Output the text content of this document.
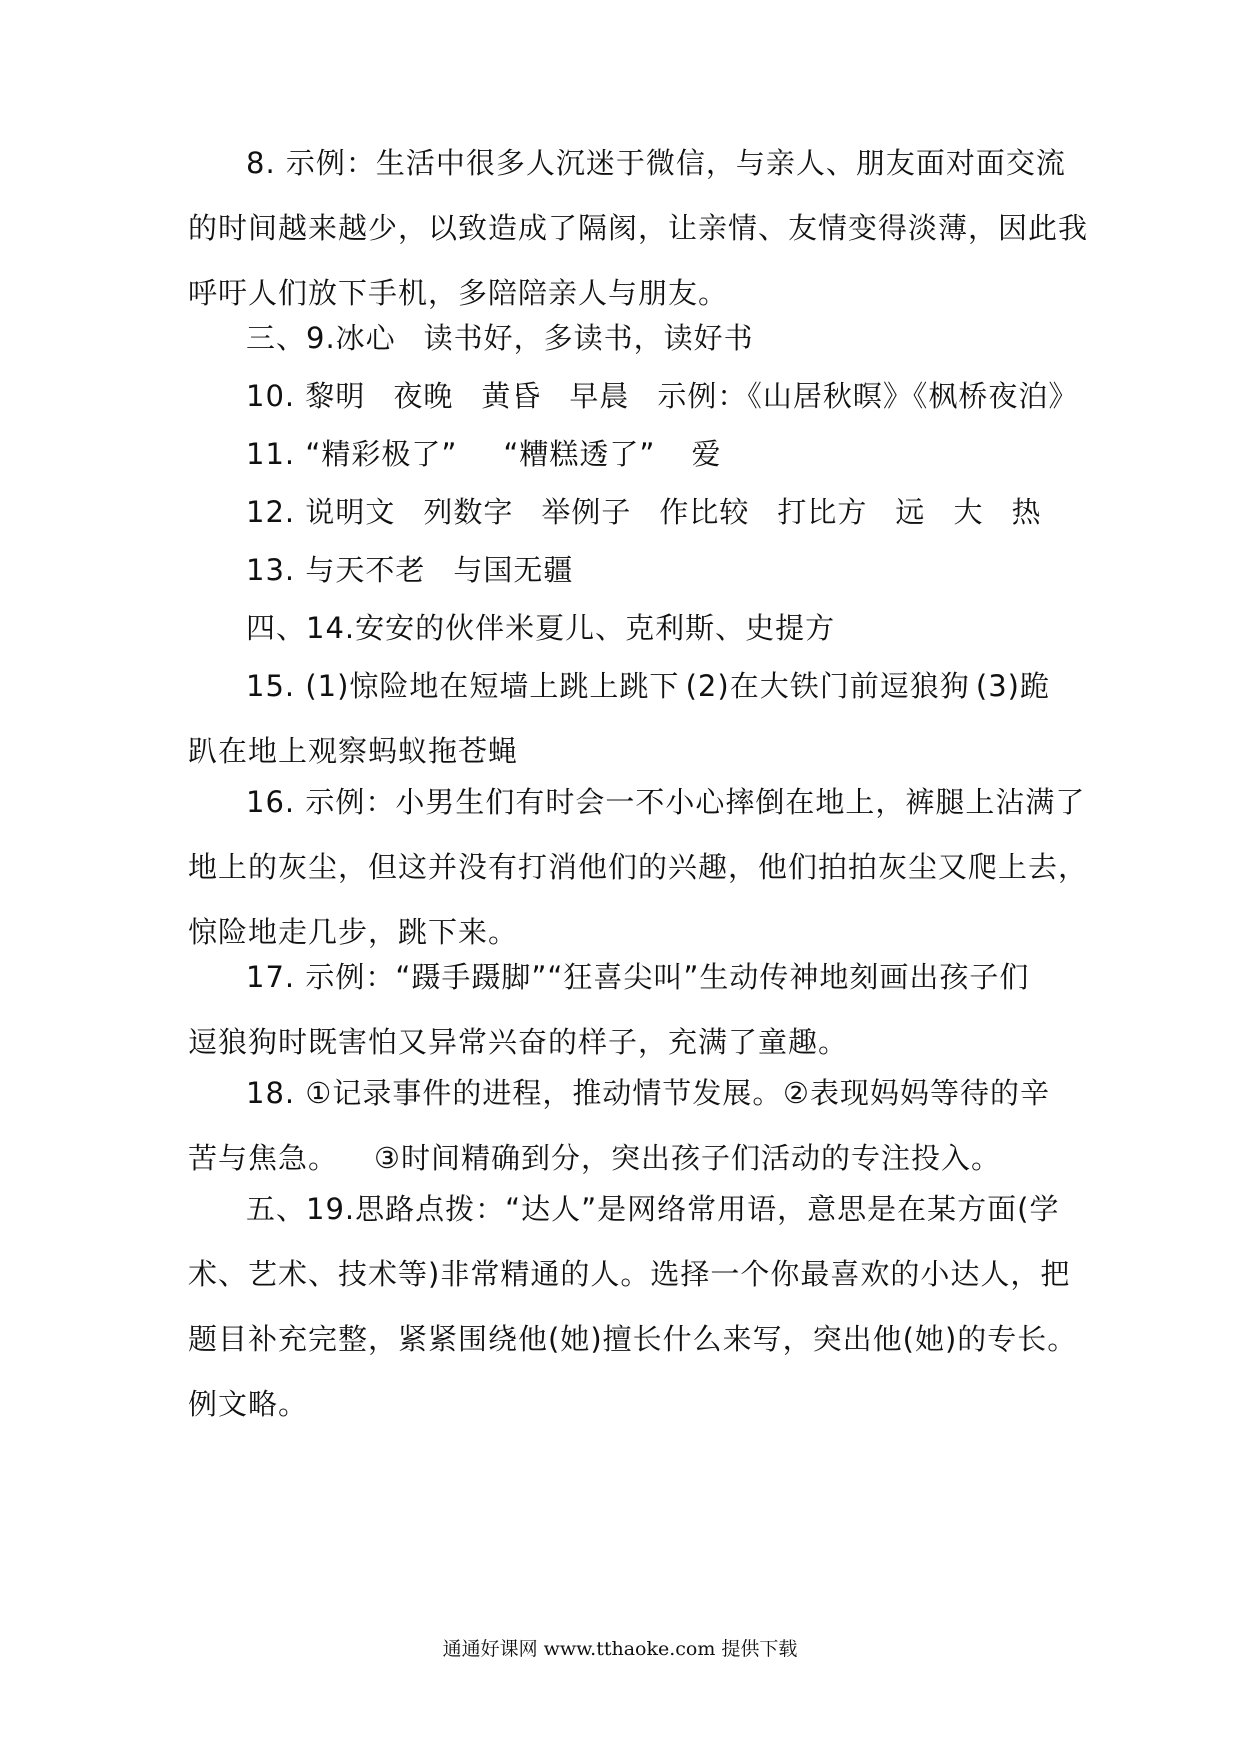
8. 示例：生活中很多人沉迷于微信，与亲人、朋友面对面交流
的时间越来越少，以致造成了隔阂，让亲情、友情变得淡薄，因此我
呼吁人们放下手机，多陪陪亲人与朋友。
三、9.冰心 读书好，多读书，读好书
10. 黎明 夜晚 黄昏 早晨 示例：《山居秋暝》《枫桥夜泊》
11. “精彩极了” “糟糕透了” 爱
12. 说明文 列数字 举例子 作比较 打比方 远 大 热
13. 与天不老 与国无疆
四、14.安安的伙伴米夏儿、克利斯、史提方
15. (1)惊险地在短墙上跳上跳下 (2)在大铁门前逗狼狗 (3)跪
趴在地上观察蚂蚁拖苍蝇
16. 示例：小男生们有时会一不小心摔倒在地上，裤腿上沾满了
地上的灰尘，但这并没有打消他们的兴趣，他们拍拍灰尘又爬上去，
惊险地走几步，跳下来。
17. 示例：“蹑手蹑脚”“狂喜尖叫”生动传神地刻画出孩子们
逗狼狗时既害怕又异常兴奋的样子，充满了童趣。
18. ①记录事件的进程，推动情节发展。 ②表现妈妈等待的辛
苦与焦急。 ③时间精确到分，突出孩子们活动的专注投入。
五、19.思路点拨：“达人”是网络常用语，意思是在某方面(学
术、艺术、技术等)非常精通的人。选择一个你最喜欢的小达人，把
题目补充完整，紧紧围绕他(她)擅长什么来写，突出他(她)的专长。
例文略。
通通好课网 www.tthaoke.com 提供下载
